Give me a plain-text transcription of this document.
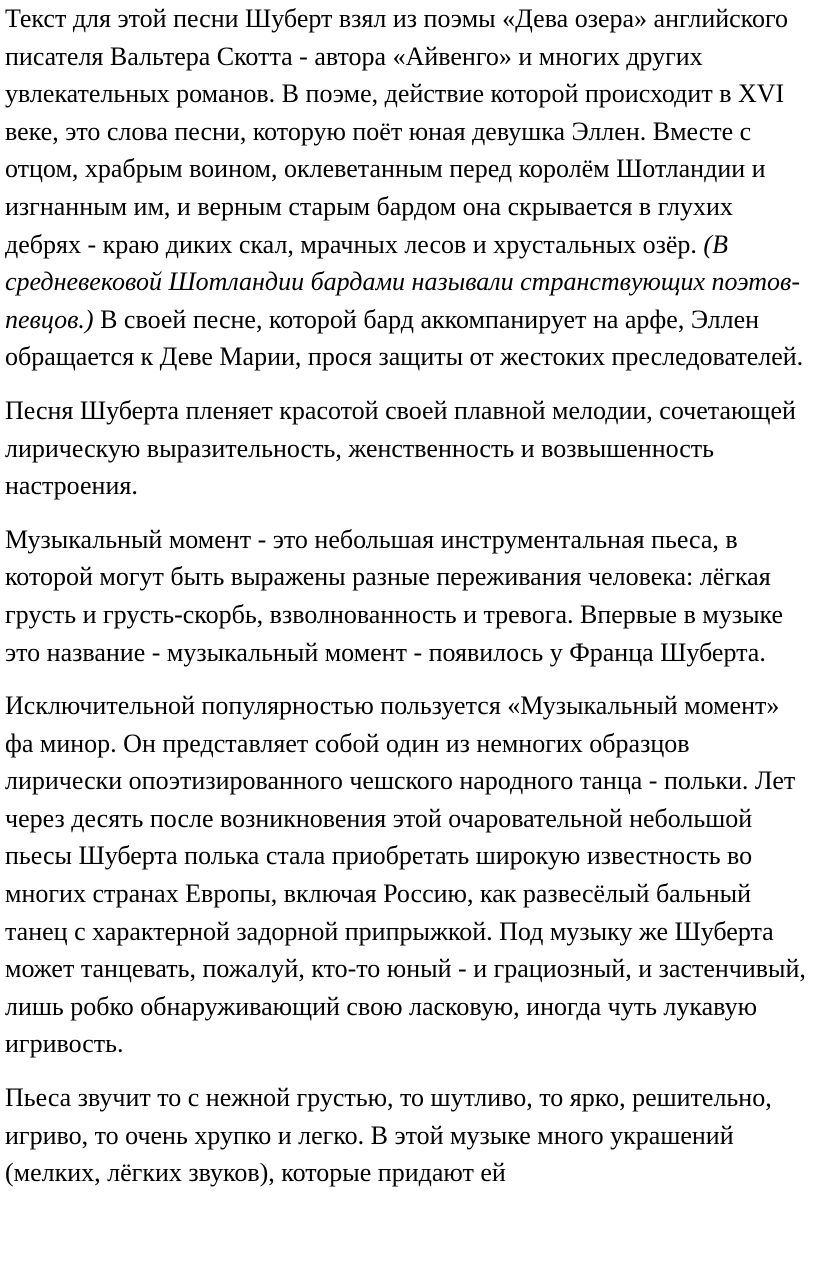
Текст для этой песни Шуберт взял из поэмы «Дева озера» английского писателя Вальтера Скотта - автора «Айвенго» и многих других увлекательных романов. В поэме, действие которой происходит в XVI веке, это слова песни, которую поёт юная девушка Эллен. Вместе с отцом, храбрым воином, оклеветанным перед королём Шотландии и изгнанным им, и верным старым бардом она скрывается в глухих дебрях - краю диких скал, мрачных лесов и хрустальных озёр. (В средневековой Шотландии бардами называли странствующих поэтов-певцов.) В своей песне, которой бард аккомпанирует на арфе, Эллен обращается к Деве Марии, прося защиты от жестоких преследователей.

Песня Шуберта пленяет красотой своей плавной мелодии, сочетающей лирическую выразительность, женственность и возвышенность настроения.

Музыкальный момент - это небольшая инструментальная пьеса, в которой могут быть выражены разные переживания человека: лёгкая грусть и грусть-скорбь, взволнованность и тревога. Впервые в музыке это название - музыкальный момент - появилось у Франца Шуберта.

Исключительной популярностью пользуется «Музыкальный момент» фа минор. Он представляет собой один из немногих образцов лирически опоэтизированного чешского народного танца - польки. Лет через десять после возникновения этой очаровательной небольшой пьесы Шуберта полька стала приобретать широкую известность во многих странах Европы, включая Россию, как развесёлый бальный танец с характерной задорной припрыжкой. Под музыку же Шуберта может танцевать, пожалуй, кто-то юный - и грациозный, и застенчивый, лишь робко обнаруживающий свою ласковую, иногда чуть лукавую игривость.

Пьеса звучит то с нежной грустью, то шутливо, то ярко, решительно, игриво, то очень хрупко и легко. В этой музыке много украшений (мелких, лёгких звуков), которые придают ей
